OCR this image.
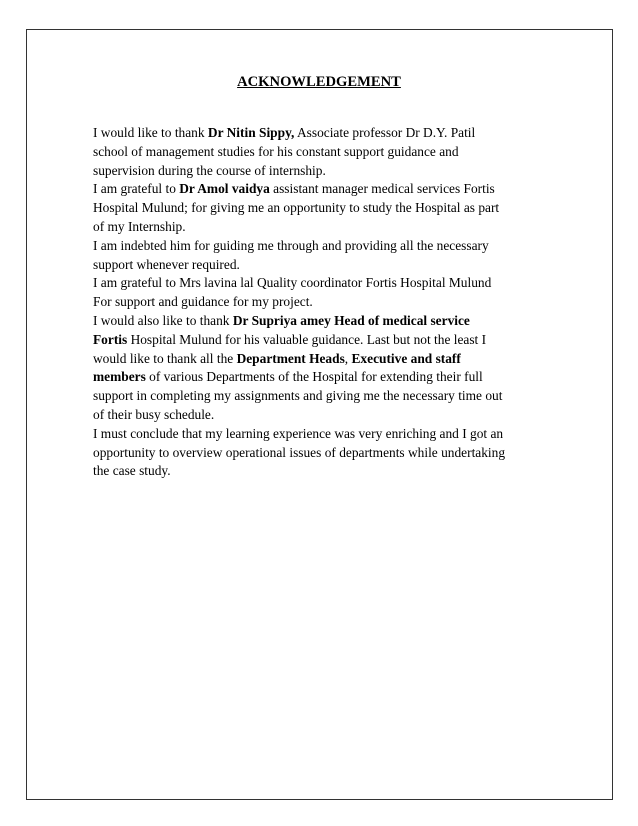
ACKNOWLEDGEMENT
I would like to thank Dr Nitin Sippy, Associate professor Dr D.Y. Patil
school of management studies for his constant support guidance and
supervision during the course of internship.
I am grateful to Dr Amol vaidya assistant manager medical services Fortis
Hospital Mulund; for giving me an opportunity to study the Hospital as part
of my Internship.
I am indebted him for guiding me through and providing all the necessary
support whenever required.
I am grateful to Mrs lavina lal Quality coordinator Fortis Hospital Mulund
For support and guidance for my project.
I would also like to thank Dr Supriya amey Head of medical service
Fortis Hospital Mulund for his valuable guidance. Last but not the least I
would like to thank all the Department Heads, Executive and staff
members of various Departments of the Hospital for extending their full
support in completing my assignments and giving me the necessary time out
of their busy schedule.
I must conclude that my learning experience was very enriching and I got an
opportunity to overview operational issues of departments while undertaking
the case study.
